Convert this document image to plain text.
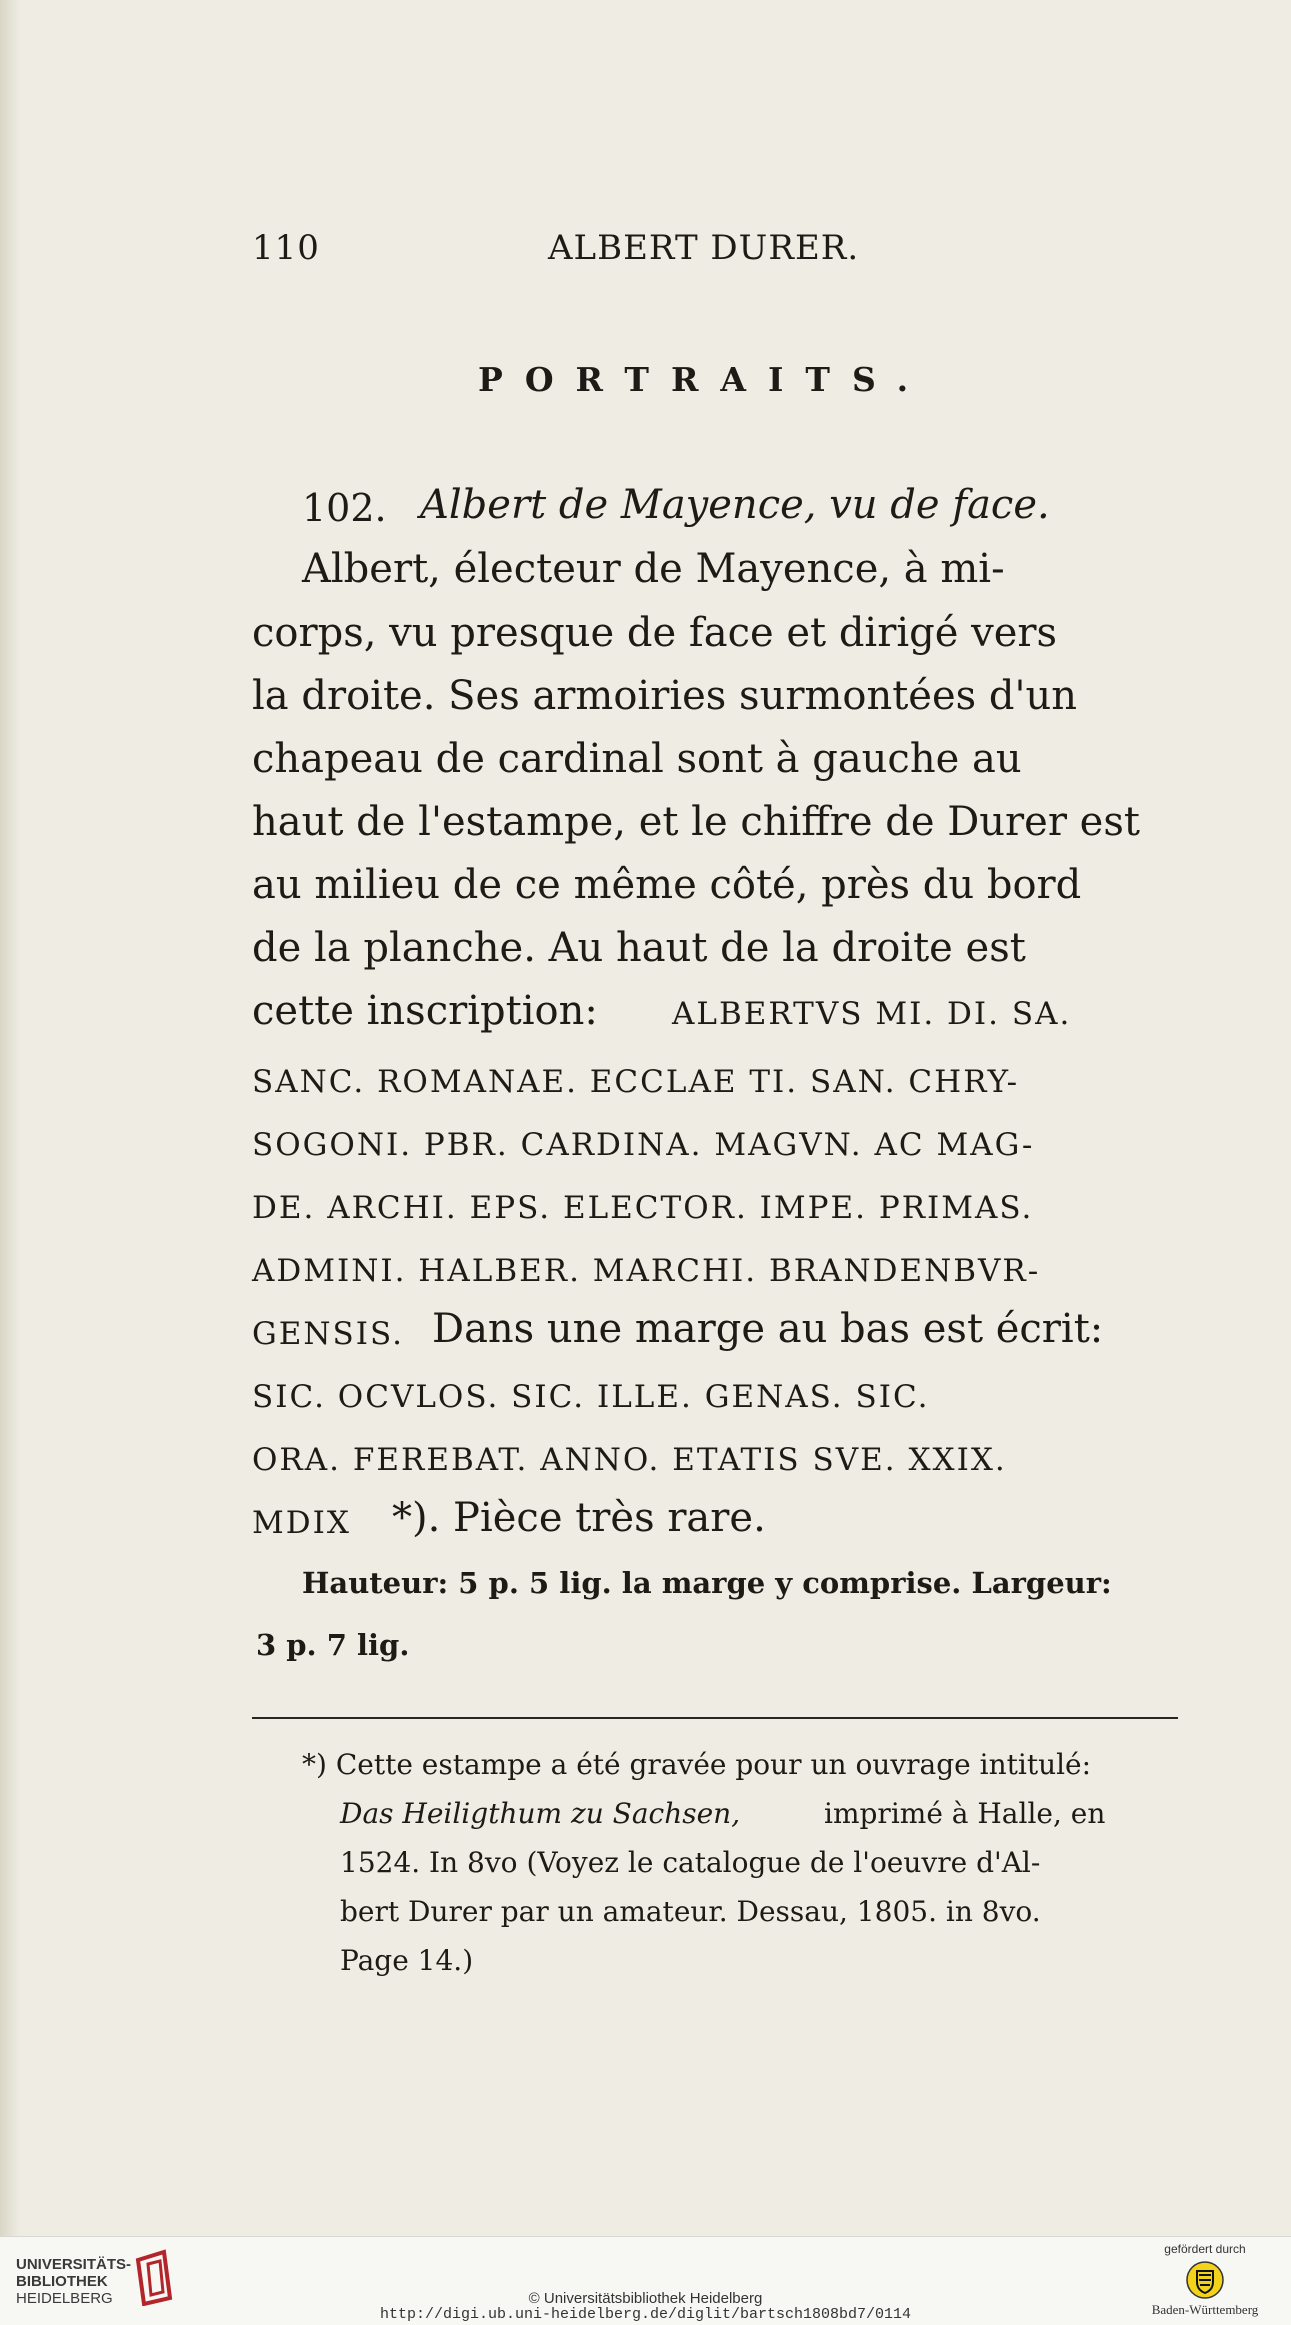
110	ALBERT DURER.
PORTRAITS.
102. Albert de Mayence, vu de face.
Albert, électeur de Mayence, à mi-
corps, vu presque de face et dirigé vers
la droite. Ses armoiries surmontées d'un
chapeau de cardinal sont à gauche au
haut de l'estampe, et le chiffre de Durer est
au milieu de ce même côté, près du bord
de la planche. Au haut de la droite est
cette inscription: ALBERTVS MI. DI. SA.
SANC. ROMANAE. ECCLAE TI. SAN. CHRY-
SOGONI. PBR. CARDINA. MAGVN. AC MAG-
DE. ARCHI. EPS. ELECTOR. IMPE. PRIMAS.
ADMINI. HALBER. MARCHI. BRANDENBVR-
GENSIS. Dans une marge au bas est écrit:
SIC. OCVLOS. SIC. ILLE. GENAS. SIC.
ORA. FEREBAT. ANNO. ETATIS SVE. XXIX.
MDIX *). Pièce très rare.
Hauteur: 5 p. 5 lig. la marge y comprise. Largeur:
3 p. 7 lig.
*) Cette estampe a été gravée pour un ouvrage intitulé:
Das Heiligthum zu Sachsen,	imprimé à Halle, en
1524. In 8vo (Voyez le catalogue de l'oeuvre d'Al-
bert Durer par un amateur. Dessau, 1805. in 8vo.
Page 14.)
UNIVERSITÄTS-
BIBLIOTHEK
HEIDELBERG	© Universitätsbibliothek Heidelberg
http://digi.ub.uni-heidelberg.de/diglit/bartsch1808bd7/0114
gefördert durch
Baden-Württemberg
